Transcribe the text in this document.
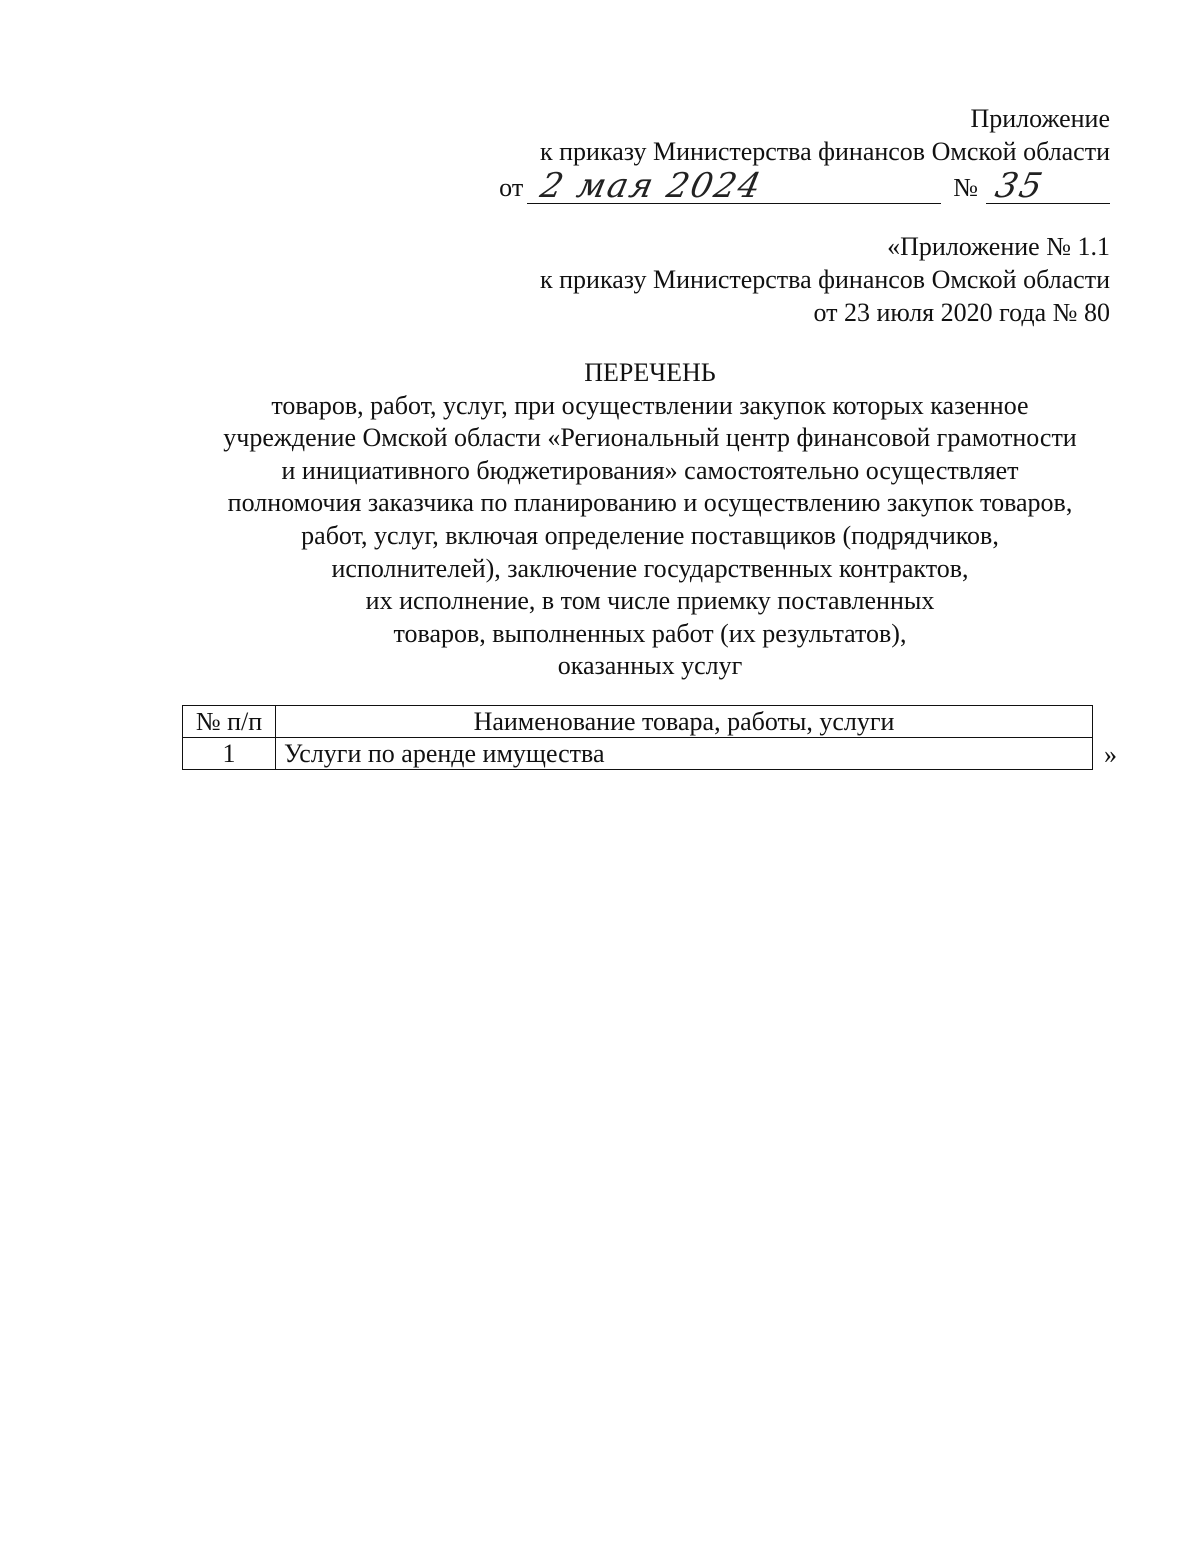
Приложение
к приказу Министерства финансов Омской области
от 2 мая 2024	№ 35
«Приложение № 1.1
к приказу Министерства финансов Омской области
от 23 июля 2020 года № 80
ПЕРЕЧЕНЬ
товаров, работ, услуг, при осуществлении закупок которых казенное
учреждение Омской области «Региональный центр финансовой грамотности
и инициативного бюджетирования» самостоятельно осуществляет
полномочия заказчика по планированию и осуществлению закупок товаров,
работ, услуг, включая определение поставщиков (подрядчиков,
исполнителей), заключение государственных контрактов,
их исполнение, в том числе приемку поставленных
товаров, выполненных работ (их результатов),
оказанных услуг
№ п/п	Наименование товара, работы, услуги
1	Услуги по аренде имущества	»
